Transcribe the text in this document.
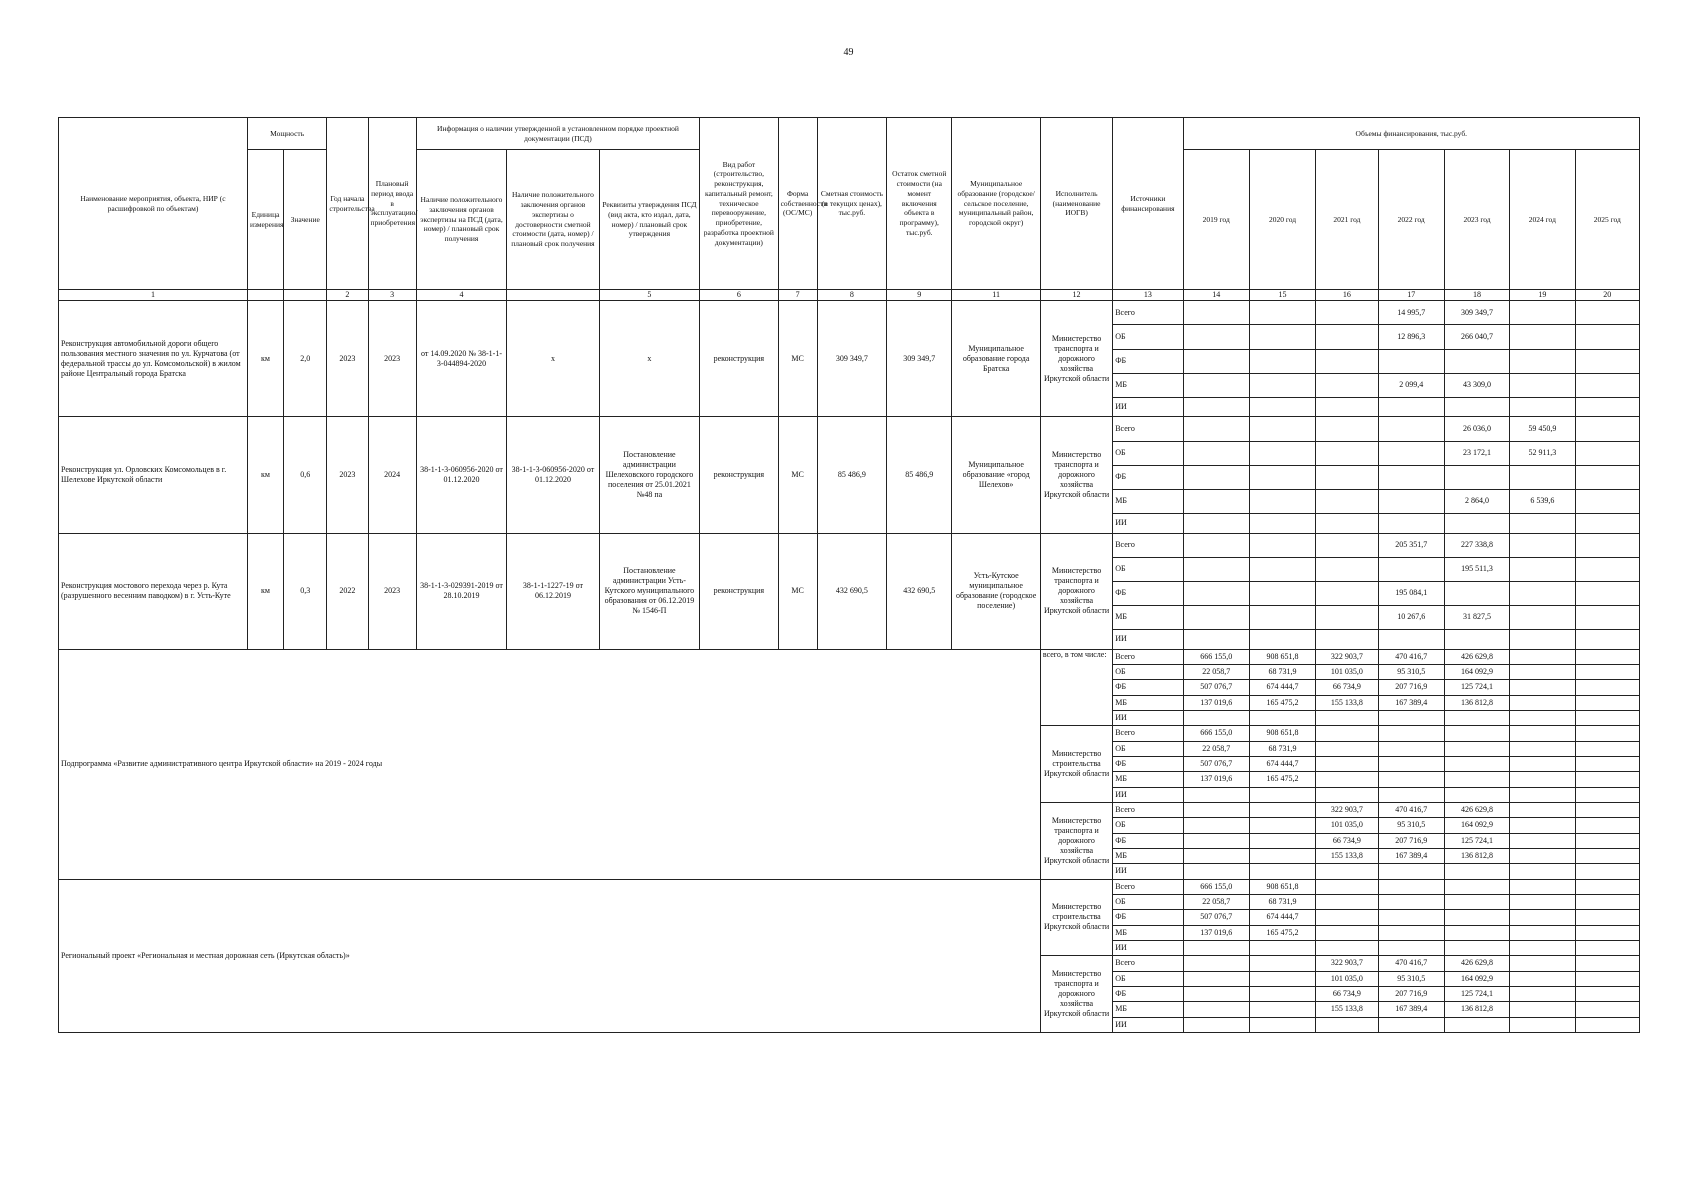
49
Наименование мероприятия, объекта, НИР (с расшифровкой по объектам)	Мощность		Год начала строительства	Плановый период ввода в эксплуатацию/приобретения	Информация о наличии утвержденной в установленном порядке проектной документации (ПСД)			Вид работ (строительство, реконструкция, капитальный ремонт, техническое перевооружение, приобретение, разработка проектной документации)	Форма собственности (ОС/МС)	Сметная стоимость (в текущих ценах), тыс.руб.	Остаток сметной стоимости (на момент включения объекта в программу), тыс.руб.	Муниципальное образование (городское/сельское поселение, муниципальный район, городской округ)	Исполнитель (наименование ИОГВ)	Источники финансирования	Объемы финансирования, тыс.руб.						
	Единица измерения	Значение			Наличие положительного заключения органов экспертизы на ПСД (дата, номер) / плановый срок получения	Наличие положительного заключения органов экспертизы о достоверности сметной стоимости (дата, номер) / плановый срок получения	Реквизиты утверждения ПСД (вид акта, кто издал, дата, номер) / плановый срок утверждения								2019 год	2020 год	2021 год	2022 год	2023 год	2024 год	2025 год
1			2	3	4		5	6	7	8	9	11	12	13	14	15	16	17	18	19	20
Реконструкция автомобильной дороги общего пользования местного значения по ул. Курчатова (от федеральной трассы до ул. Комсомольской) в жилом районе Центральный города Братска	км	2,0	2023	2023	от 14.09.2020 № 38-1-1-3-044894-2020	х	х	реконструкция	МС	309 349,7	309 349,7	Муниципальное образование города Братска	Министерство транспорта и дорожного хозяйства Иркутской области	Всего				14 995,7	309 349,7		
														ОБ				12 896,3	266 040,7		
														ФБ							
														МБ				2 099,4	43 309,0		
														ИИ							
Реконструкция ул. Орловских Комсомольцев в г. Шелехове Иркутской области	км	0,6	2023	2024	38-1-1-3-060956-2020 от 01.12.2020	38-1-1-3-060956-2020 от 01.12.2020	Постановление администрации Шелеховского городского поселения от 25.01.2021 №48 па	реконструкция	МС	85 486,9	85 486,9	Муниципальное образование «город Шелехов»	Министерство транспорта и дорожного хозяйства Иркутской области	Всего					26 036,0	59 450,9	
														ОБ					23 172,1	52 911,3	
														ФБ							
														МБ					2 864,0	6 539,6	
														ИИ							
Реконструкция мостового перехода через р. Кута (разрушенного весенним паводком) в г. Усть-Куте	км	0,3	2022	2023	38-1-1-3-029391-2019 от 28.10.2019	38-1-1-1227-19 от 06.12.2019	Постановление администрации Усть-Кутского муниципального образования от 06.12.2019 № 1546-П	реконструкция	МС	432 690,5	432 690,5	Усть-Кутское муниципальное образование (городское поселение)	Министерство транспорта и дорожного хозяйства Иркутской области	Всего				205 351,7	227 338,8		
														ОБ					195 511,3		
														ФБ				195 084,1			
														МБ				10 267,6	31 827,5		
														ИИ							
Подпрограмма «Развитие административного центра Иркутской области» на 2019 - 2024 годы													всего, в том числе:	Всего	666 155,0	908 651,8	322 903,7	470 416,7	426 629,8		
														ОБ	22 058,7	68 731,9	101 035,0	95 310,5	164 092,9		
														ФБ	507 076,7	674 444,7	66 734,9	207 716,9	125 724,1		
														МБ	137 019,6	165 475,2	155 133,8	167 389,4	136 812,8		
														ИИ							
													Министерство строительства Иркутской области	Всего	666 155,0	908 651,8					
														ОБ	22 058,7	68 731,9					
														ФБ	507 076,7	674 444,7					
														МБ	137 019,6	165 475,2					
														ИИ							
													Министерство транспорта и дорожного хозяйства Иркутской области	Всего			322 903,7	470 416,7	426 629,8		
														ОБ			101 035,0	95 310,5	164 092,9		
														ФБ			66 734,9	207 716,9	125 724,1		
														МБ			155 133,8	167 389,4	136 812,8		
														ИИ							
Региональный проект «Региональная и местная дорожная сеть (Иркутская область)»													Министерство строительства Иркутской области	Всего	666 155,0	908 651,8					
														ОБ	22 058,7	68 731,9					
														ФБ	507 076,7	674 444,7					
														МБ	137 019,6	165 475,2					
														ИИ							
													Министерство транспорта и дорожного хозяйства Иркутской области	Всего			322 903,7	470 416,7	426 629,8		
														ОБ			101 035,0	95 310,5	164 092,9		
														ФБ			66 734,9	207 716,9	125 724,1		
														МБ			155 133,8	167 389,4	136 812,8		
														ИИ							
